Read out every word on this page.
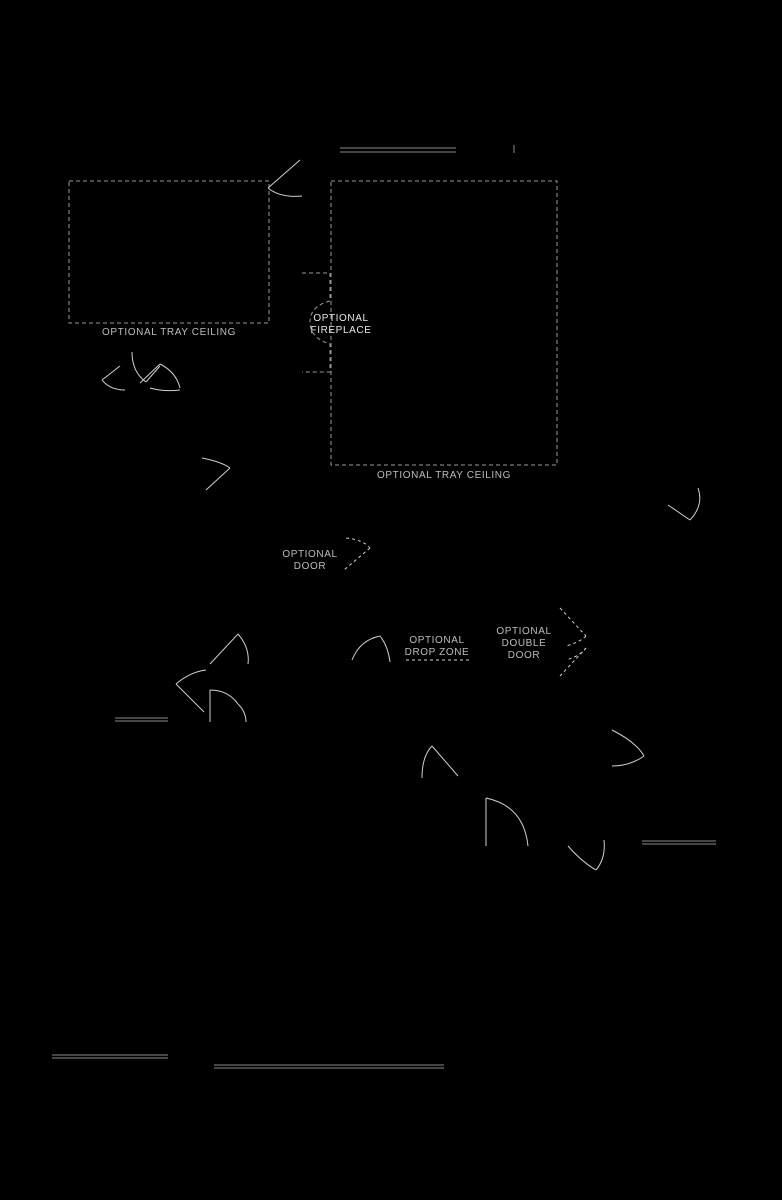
OPTIONAL TRAY CEILING
OPTIONAL TRAY CEILING
OPTIONAL
FIREPLACE
OPTIONAL
DOOR
OPTIONAL
DROP ZONE
OPTIONAL
DOUBLE
DOOR
